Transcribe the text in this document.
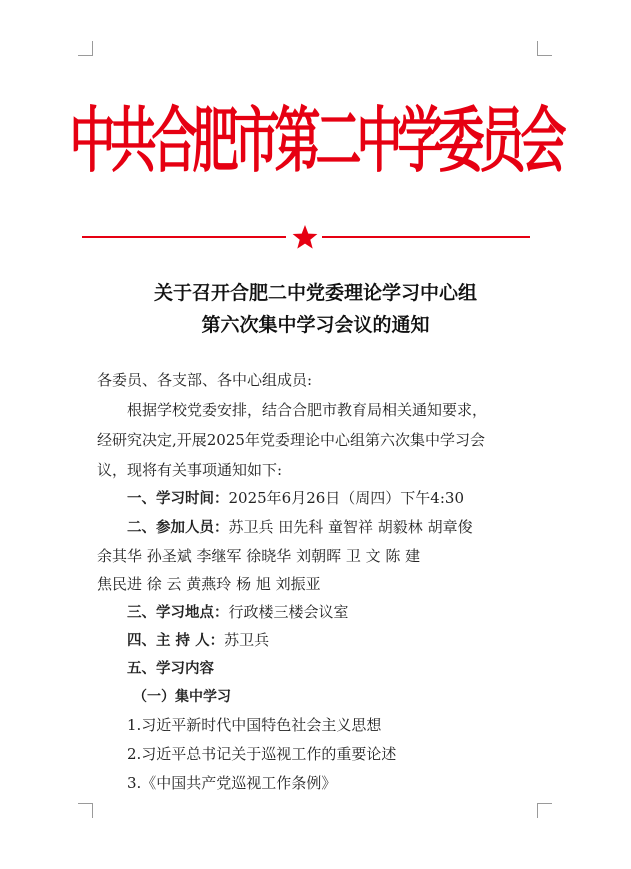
中共合肥市第二中学委员会
关于召开合肥二中党委理论学习中心组
第六次集中学习会议的通知
各委员、各支部、各中心组成员:
根据学校党委安排，结合合肥市教育局相关通知要求，
经研究决定,开展2025年党委理论中心组第六次集中学习会
议，现将有关事项通知如下:
一、学习时间：2025年6月26日（周四）下午4:30
二、参加人员：苏卫兵 田先科 童智祥 胡毅林 胡章俊
余其华 孙圣斌 李继军 徐晓华 刘朝晖 卫 文 陈 建
焦民进 徐 云 黄燕玲 杨 旭 刘振亚
三、学习地点：行政楼三楼会议室
四、主 持 人：苏卫兵
五、学习内容
（一）集中学习
1.习近平新时代中国特色社会主义思想
2.习近平总书记关于巡视工作的重要论述
3.《中国共产党巡视工作条例》
